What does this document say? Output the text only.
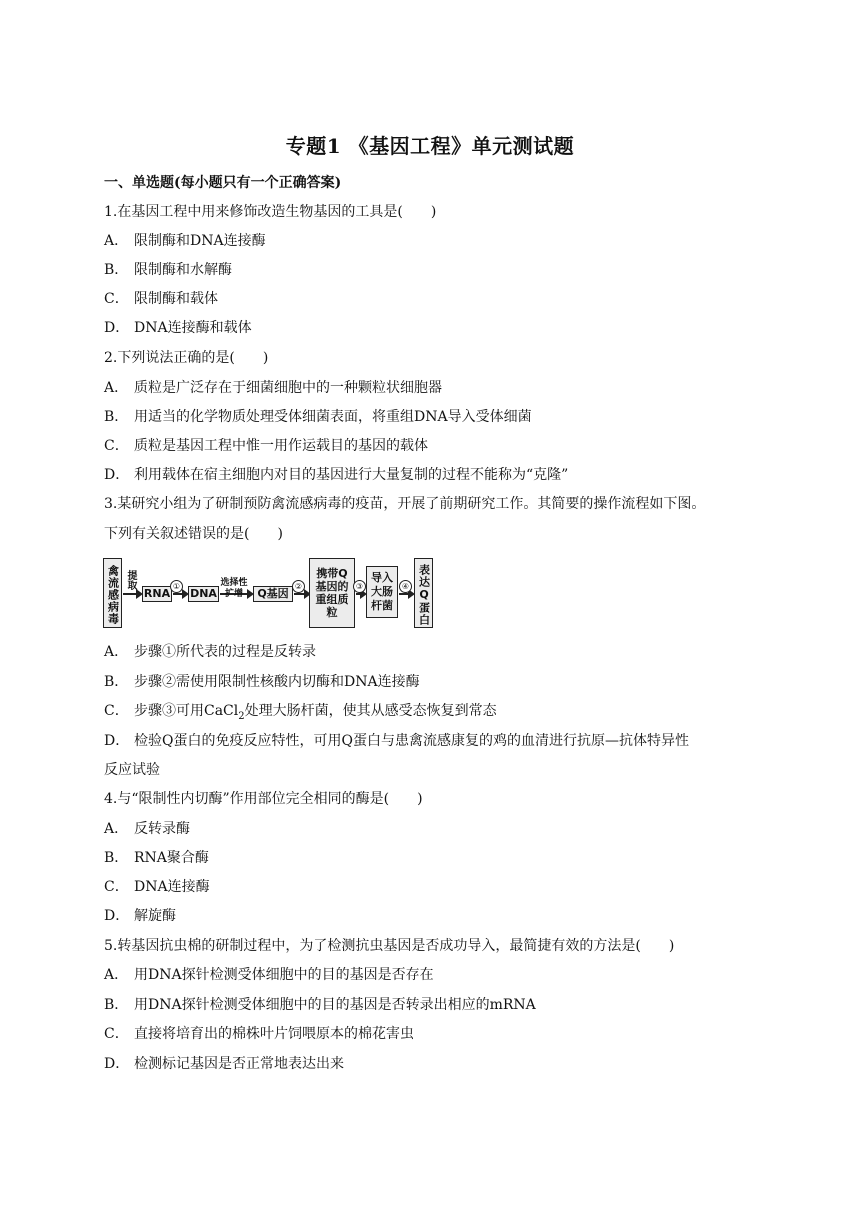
专题1 《基因工程》单元测试题
一、单选题(每小题只有一个正确答案)
1.在基因工程中用来修饰改造生物基因的工具是(　　)
A． 限制酶和DNA连接酶
B． 限制酶和水解酶
C． 限制酶和载体
D． DNA连接酶和载体
2.下列说法正确的是(　　)
A． 质粒是广泛存在于细菌细胞中的一种颗粒状细胞器
B． 用适当的化学物质处理受体细菌表面，将重组DNA导入受体细菌
C． 质粒是基因工程中惟一用作运载目的基因的载体
D． 利用载体在宿主细胞内对目的基因进行大量复制的过程不能称为“克隆”
3.某研究小组为了研制预防禽流感病毒的疫苗，开展了前期研究工作。其简要的操作流程如下图。
下列有关叙述错误的是(　　)
禽流感病毒 提取
RNA
①
DNA
选择性扩增	Q基因
②
携带Q基因的重组质粒
③
导入大肠杆菌
④ 表达Q蛋白
A． 步骤①所代表的过程是反转录
B． 步骤②需使用限制性核酸内切酶和DNA连接酶
C． 步骤③可用CaCl$_2$处理大肠杆菌，使其从感受态恢复到常态
D． 检验Q蛋白的免疫反应特性，可用Q蛋白与患禽流感康复的鸡的血清进行抗原—抗体特异性
反应试验
4.与“限制性内切酶”作用部位完全相同的酶是(　　)
A． 反转录酶
B． RNA聚合酶
C． DNA连接酶
D． 解旋酶
5.转基因抗虫棉的研制过程中，为了检测抗虫基因是否成功导入，最简捷有效的方法是(　　)
A． 用DNA探针检测受体细胞中的目的基因是否存在
B． 用DNA探针检测受体细胞中的目的基因是否转录出相应的mRNA
C． 直接将培育出的棉株叶片饲喂原本的棉花害虫
D． 检测标记基因是否正常地表达出来
